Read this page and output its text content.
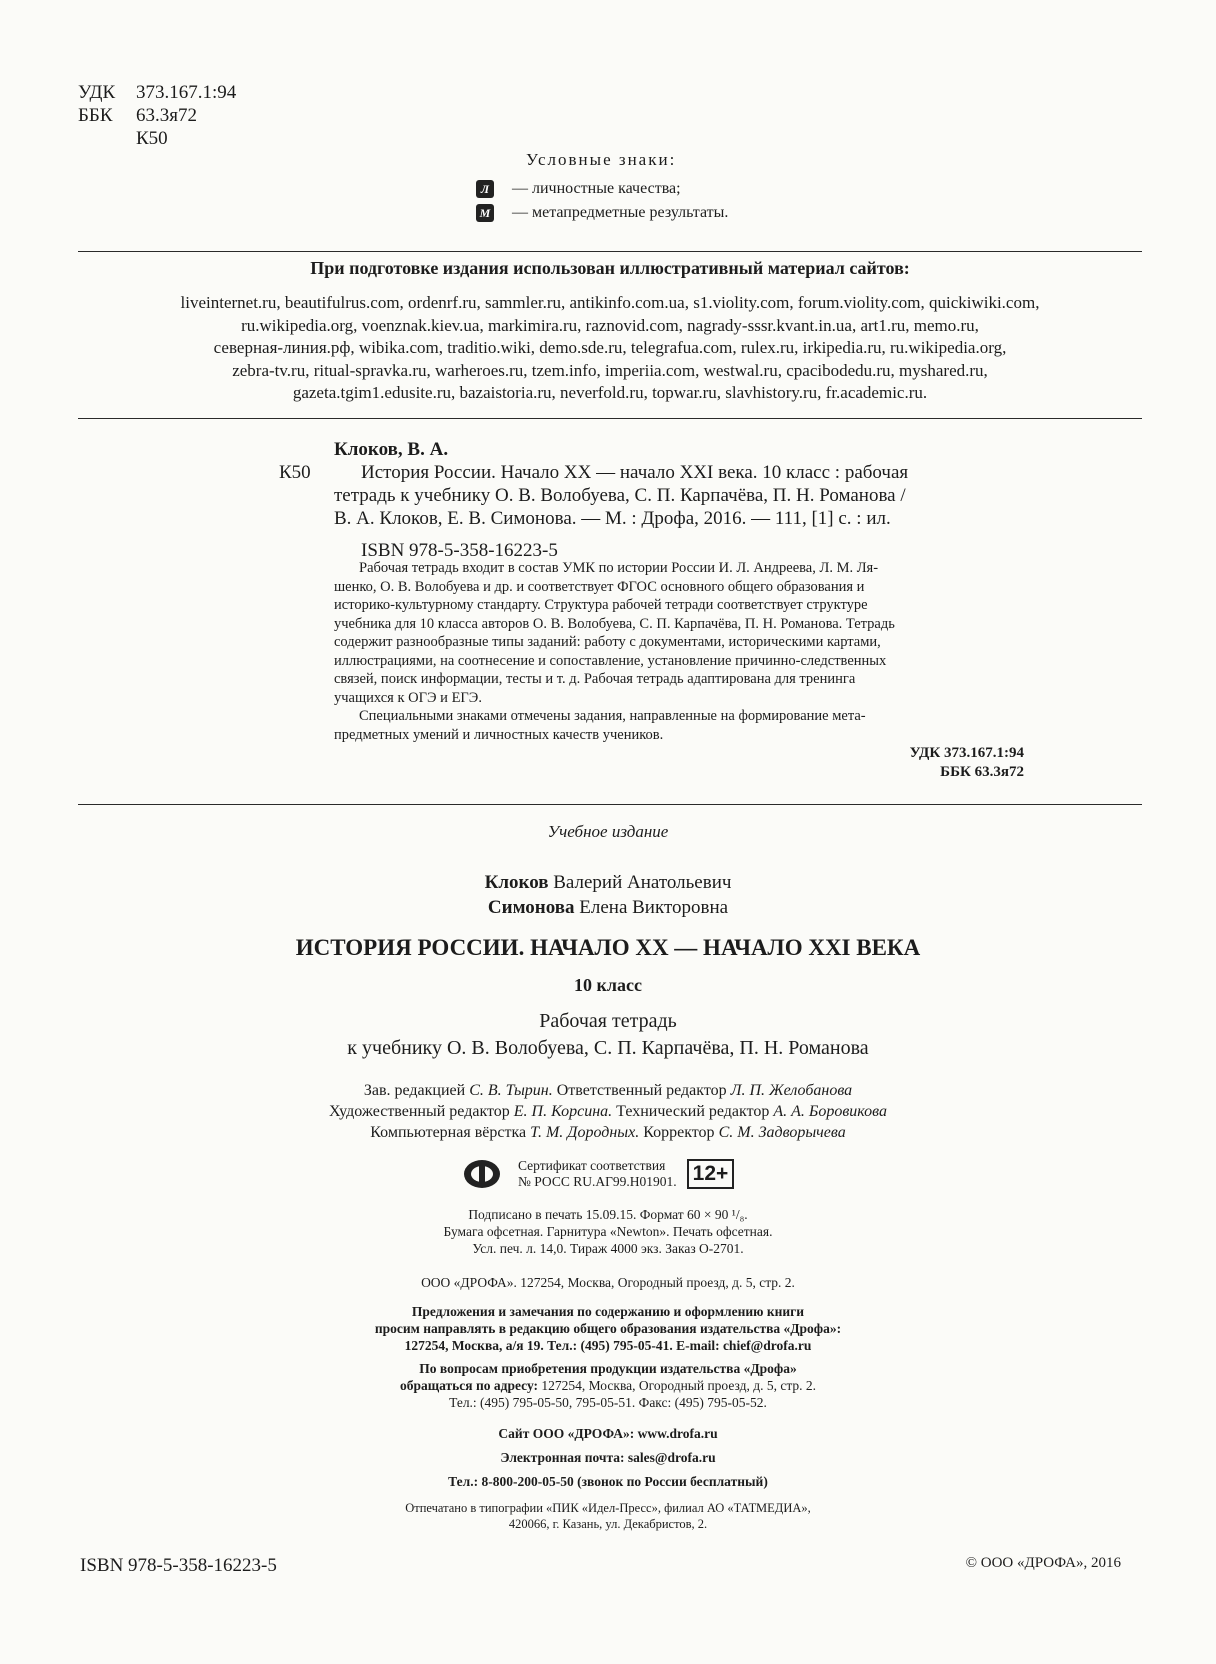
УДК 373.167.1:94
ББК 63.3я72
К50
Условные знаки:
Л	— личностные качества;
М — метапредметные результаты.
При подготовке издания использован иллюстративный материал сайтов:
liveinternet.ru, beautifulrus.com, ordenrf.ru, sammler.ru, antikinfo.com.ua, s1.violity.com, forum.violity.com, quickiwiki.com,
ru.wikipedia.org, voenznak.kiev.ua, markimira.ru, raznovid.com, nagrady-sssr.kvant.in.ua, art1.ru, memo.ru,
северная-линия.рф, wibika.com, traditio.wiki, demo.sde.ru, telegrafua.com, rulex.ru, irkipedia.ru, ru.wikipedia.org,
zebra-tv.ru, ritual-spravka.ru, warheroes.ru, tzem.info, imperiia.com, westwal.ru, cpacibodedu.ru, myshared.ru,
gazeta.tgim1.edusite.ru, bazaistoria.ru, neverfold.ru, topwar.ru, slavhistory.ru, fr.academic.ru.
Клоков, В. А.
К50	История России. Начало XX — начало XXI века. 10 класс : рабочая
тетрадь к учебнику О. В. Волобуева, С. П. Карпачёва, П. Н. Романова /
В. А. Клоков, Е. В. Симонова. — М. : Дрофа, 2016. — 111, [1] с. : ил.
ISBN 978-5-358-16223-5
Рабочая тетрадь входит в состав УМК по истории России И. Л. Андреева, Л. М. Ля-
шенко, О. В. Волобуева и др. и соответствует ФГОС основного общего образования и
историко-культурному стандарту. Структура рабочей тетради соответствует структуре
учебника для 10 класса авторов О. В. Волобуева, С. П. Карпачёва, П. Н. Романова. Тетрадь
содержит разнообразные типы заданий: работу с документами, историческими картами,
иллюстрациями, на соотнесение и сопоставление, установление причинно-следственных
связей, поиск информации, тесты и т. д. Рабочая тетрадь адаптирована для тренинга
учащихся к ОГЭ и ЕГЭ.
Специальными знаками отмечены задания, направленные на формирование мета-
предметных умений и личностных качеств учеников.
УДК 373.167.1:94
ББК 63.3я72
Учебное издание
Клоков Валерий Анатольевич
Симонова Елена Викторовна
ИСТОРИЯ РОССИИ. НАЧАЛО XX — НАЧАЛО XXI ВЕКА
10 класс
Рабочая тетрадь
к учебнику О. В. Волобуева, С. П. Карпачёва, П. Н. Романова
Зав. редакцией С. В. Тырин. Ответственный редактор Л. П. Желобанова
Художественный редактор Е. П. Корсина. Технический редактор А. А. Боровикова
Компьютерная вёрстка Т. М. Дородных. Корректор С. М. Задворычева
Сертификат соответствия
№ РОСС RU.АГ99.Н01901. 12+
Подписано в печать 15.09.15. Формат 60 × 90 ¹/₈.
Бумага офсетная. Гарнитура «Newton». Печать офсетная.
Усл. печ. л. 14,0. Тираж 4000 экз. Заказ О-2701.
ООО «ДРОФА». 127254, Москва, Огородный проезд, д. 5, стр. 2.
Предложения и замечания по содержанию и оформлению книги
просим направлять в редакцию общего образования издательства «Дрофа»:
127254, Москва, а/я 19. Тел.: (495) 795-05-41. E-mail: chief@drofa.ru
По вопросам приобретения продукции издательства «Дрофа»
обращаться по адресу: 127254, Москва, Огородный проезд, д. 5, стр. 2.
Тел.: (495) 795-05-50, 795-05-51. Факс: (495) 795-05-52.
Сайт ООО «ДРОФА»: www.drofa.ru
Электронная почта: sales@drofa.ru
Тел.: 8-800-200-05-50 (звонок по России бесплатный)
Отпечатано в типографии «ПИК «Идел-Пресс», филиал АО «ТАТМЕДИА»,
420066, г. Казань, ул. Декабристов, 2.
ISBN 978-5-358-16223-5	© ООО «ДРОФА», 2016
